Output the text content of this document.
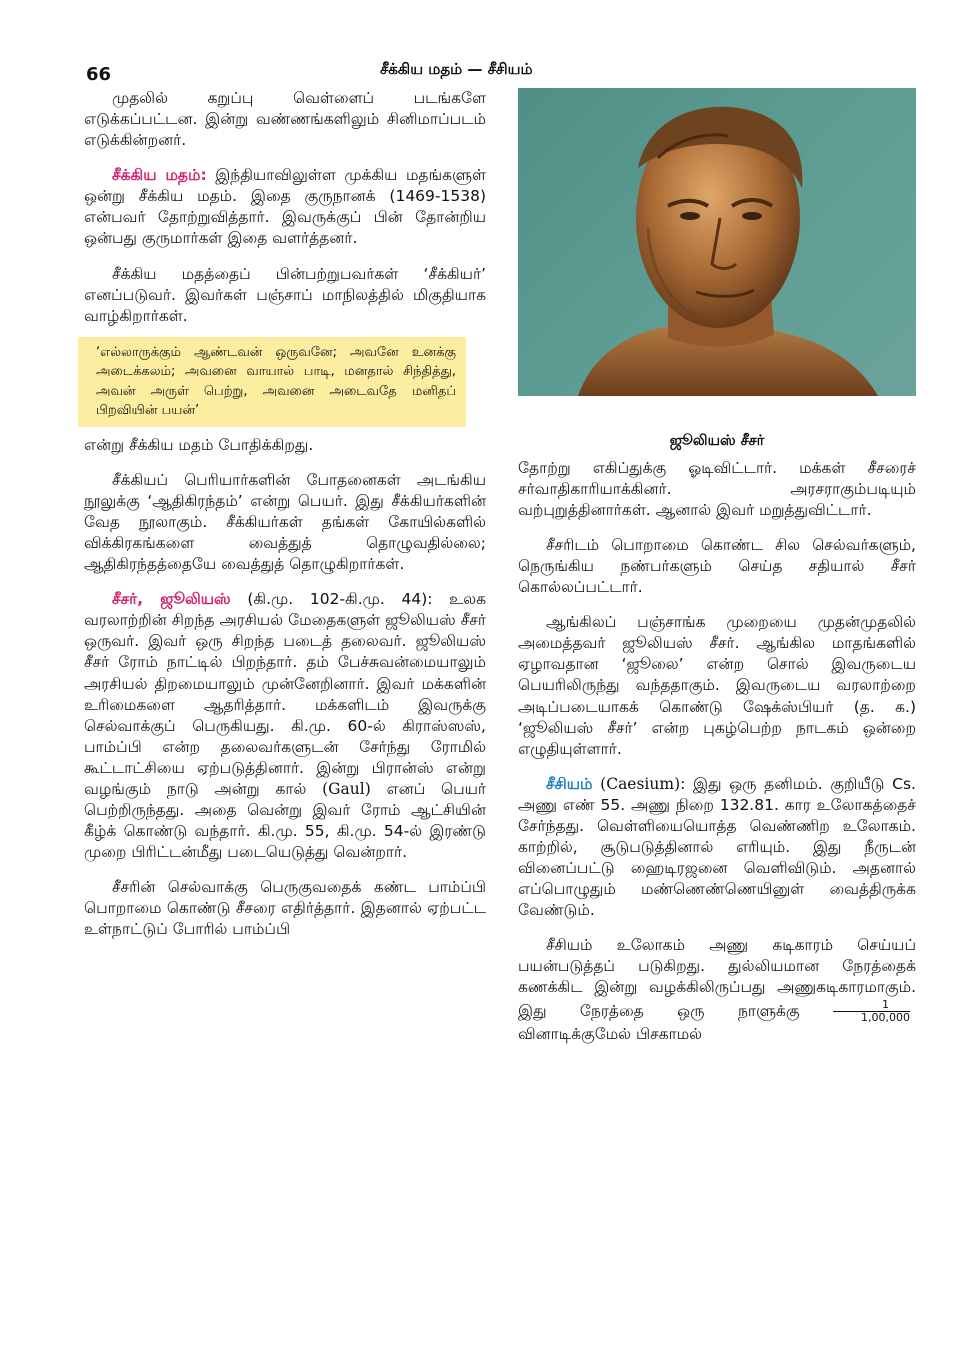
66	சீக்கிய மதம் — சீசியம்

முதலில் கறுப்பு வெள்ளைப் படங்களே எடுக்கப்பட்டன. இன்று வண்ணங்களிலும் சினிமாப்படம் எடுக்கின்றனர்.

சீக்கிய மதம்: இந்தியாவிலுள்ள முக்கிய மதங்களுள் ஒன்று சீக்கிய மதம். இதை குருநானக் (1469-1538) என்பவர் தோற்றுவித்தார். இவருக்குப் பின் தோன்றிய ஒன்பது குருமார்கள் இதை வளர்த்தனர்.

சீக்கிய மதத்தைப் பின்பற்றுபவர்கள் ‘சீக்கியர்’ எனப்படுவர். இவர்கள் பஞ்சாப் மாநிலத்தில் மிகுதியாக வாழ்கிறார்கள்.

‘எல்லாருக்கும் ஆண்டவன் ஒருவனே; அவனே உனக்கு அடைக்கலம்; அவனை வாயால் பாடி, மனதால் சிந்தித்து, அவன் அருள் பெற்று, அவனை அடைவதே மனிதப் பிறவியின் பயன்’

என்று சீக்கிய மதம் போதிக்கிறது.

சீக்கியப் பெரியார்களின் போதனைகள் அடங்கிய நூலுக்கு ‘ஆதிகிரந்தம்’ என்று பெயர். இது சீக்கியர்களின் வேத நூலாகும். சீக்கியர்கள் தங்கள் கோயில்களில் விக்கிரகங்களை வைத்துத் தொழுவதில்லை; ஆதிகிரந்தத்தையே வைத்துத் தொழுகிறார்கள்.

சீசர், ஜூலியஸ் (கி.மு. 102-கி.மு. 44): உலக வரலாற்றின் சிறந்த அரசியல் மேதைகளுள் ஜூலியஸ் சீசர் ஒருவர். இவர் ஒரு சிறந்த படைத் தலைவர். ஜூலியஸ் சீசர் ரோம் நாட்டில் பிறந்தார். தம் பேச்சுவன்மையாலும் அரசியல் திறமையாலும் முன்னேறினார். இவர் மக்களின் உரிமைகளை ஆதரித்தார். மக்களிடம் இவருக்கு செல்வாக்குப் பெருகியது. கி.மு. 60-ல் கிராஸ்ஸஸ், பாம்ப்பி என்ற தலைவர்களுடன் சேர்ந்து ரோமில் கூட்டாட்சியை ஏற்படுத்தினார். இன்று பிரான்ஸ் என்று வழங்கும் நாடு அன்று கால் (Gaul) எனப் பெயர் பெற்றிருந்தது. அதை வென்று இவர் ரோம் ஆட்சியின் கீழ்க் கொண்டு வந்தார். கி.மு. 55, கி.மு. 54-ல் இரண்டு முறை பிரிட்டன்மீது படையெடுத்து வென்றார்.

சீசரின் செல்வாக்கு பெருகுவதைக் கண்ட பாம்ப்பி பொறாமை கொண்டு சீசரை எதிர்த்தார். இதனால் ஏற்பட்ட உள்நாட்டுப் போரில் பாம்ப்பி

ஜூலியஸ் சீசர்

தோற்று எகிப்துக்கு ஓடிவிட்டார். மக்கள் சீசரைச் சர்வாதிகாரியாக்கினர். அரசராகும்படியும் வற்புறுத்தினார்கள். ஆனால் இவர் மறுத்துவிட்டார்.

சீசரிடம் பொறாமை கொண்ட சில செல்வர்களும், நெருங்கிய நண்பர்களும் செய்த சதியால் சீசர் கொல்லப்பட்டார்.

ஆங்கிலப் பஞ்சாங்க முறையை முதன்முதலில் அமைத்தவர் ஜூலியஸ் சீசர். ஆங்கில மாதங்களில் ஏழாவதான ‘ஜூலை’ என்ற சொல் இவருடைய பெயரிலிருந்து வந்ததாகும். இவருடைய வரலாற்றை அடிப்படையாகக் கொண்டு ஷேக்ஸ்பியர் (த. க.) ‘ஜூலியஸ் சீசர்’ என்ற புகழ்பெற்ற நாடகம் ஒன்றை எழுதியுள்ளார்.

சீசியம் (Caesium): இது ஒரு தனிமம். குறியீடு Cs. அணு எண் 55. அணு நிறை 132.81. கார உலோகத்தைச் சேர்ந்தது. வெள்ளியையொத்த வெண்ணிற உலோகம். காற்றில், சூடுபடுத்தினால் எரியும். இது நீருடன் வினைப்பட்டு ஹைடிரஜனை வெளிவிடும். அதனால் எப்பொழுதும் மண்ணெண்ணெயினுள் வைத்திருக்க வேண்டும்.

சீசியம் உலோகம் அணு கடிகாரம் செய்யப் பயன்படுத்தப் படுகிறது. துல்லியமான நேரத்தைக் கணக்கிட இன்று வழக்கிலிருப்பது அணுகடிகாரமாகும். இது நேரத்தை ஒரு நாளுக்கு	$\frac{1}{1,00,000}$
வினாடிக்குமேல் பிசகாமல்
